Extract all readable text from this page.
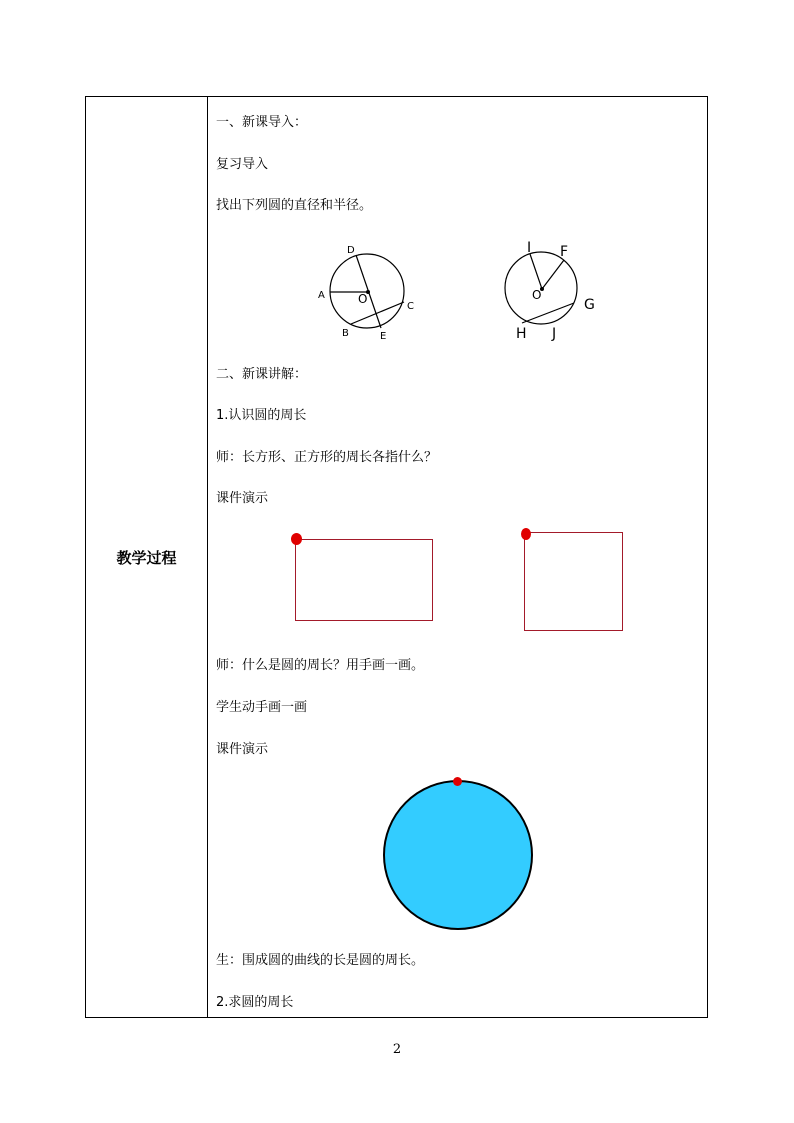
教学过程
一、新课导入：
复习导入
找出下列圆的直径和半径。
O
D
A
C
B	E
O
I F
G
H J
二、新课讲解：
1.认识圆的周长
师：长方形、正方形的周长各指什么？
课件演示
师：什么是圆的周长？用手画一画。
学生动手画一画
课件演示
生：围成圆的曲线的长是圆的周长。
2.求圆的周长
2
